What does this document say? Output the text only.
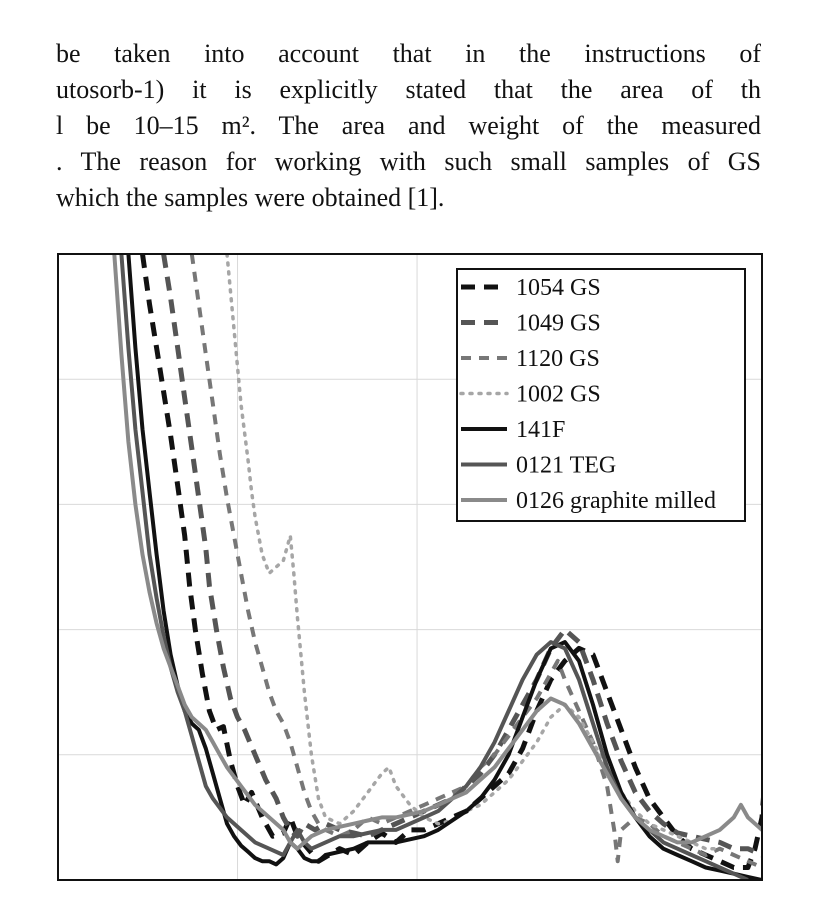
be taken into account that in the instructions of
utosorb-1) it is explicitly stated that the area of th
l be 10–15 m². The area and weight of the measured
. The reason for working with such small samples of GS
which the samples were obtained [1].
1054 GS
1049 GS
1120 GS
1002 GS
141F
0121 TEG
0126 graphite milled
